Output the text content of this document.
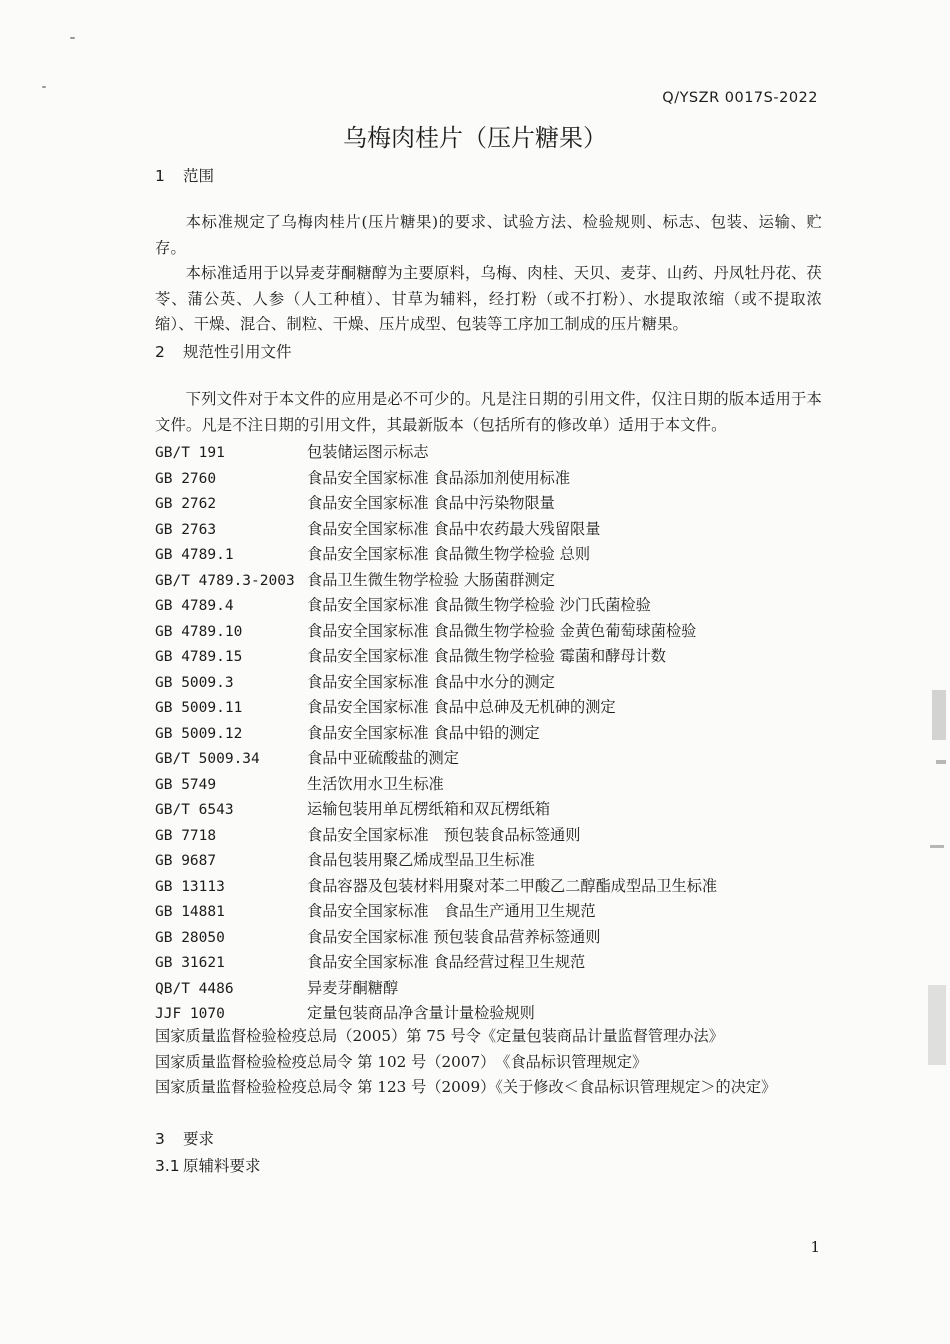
Q/YSZR 0017S-2022
乌梅肉桂片（压片糖果）
1 范围
本标准规定了乌梅肉桂片(压片糖果)的要求、试验方法、检验规则、标志、包装、运输、贮存。
本标准适用于以异麦芽酮糖醇为主要原料，乌梅、肉桂、天贝、麦芽、山药、丹凤牡丹花、茯苓、蒲公英、人参（人工种植）、甘草为辅料，经打粉（或不打粉）、水提取浓缩（或不提取浓缩）、干燥、混合、制粒、干燥、压片成型、包装等工序加工制成的压片糖果。
2 规范性引用文件
下列文件对于本文件的应用是必不可少的。凡是注日期的引用文件，仅注日期的版本适用于本文件。凡是不注日期的引用文件，其最新版本（包括所有的修改单）适用于本文件。
GB/T 191	包装储运图示标志
GB 2760	食品安全国家标准 食品添加剂使用标准
GB 2762	食品安全国家标准 食品中污染物限量
GB 2763	食品安全国家标准 食品中农药最大残留限量
GB 4789.1	食品安全国家标准 食品微生物学检验 总则
GB/T 4789.3-2003 食品卫生微生物学检验 大肠菌群测定
GB 4789.4	食品安全国家标准 食品微生物学检验 沙门氏菌检验
GB 4789.10	食品安全国家标准 食品微生物学检验 金黄色葡萄球菌检验
GB 4789.15	食品安全国家标准 食品微生物学检验 霉菌和酵母计数
GB 5009.3	食品安全国家标准 食品中水分的测定
GB 5009.11	食品安全国家标准 食品中总砷及无机砷的测定
GB 5009.12	食品安全国家标准 食品中铅的测定
GB/T 5009.34	食品中亚硫酸盐的测定
GB 5749	生活饮用水卫生标准
GB/T 6543	运输包装用单瓦楞纸箱和双瓦楞纸箱
GB 7718	食品安全国家标准　预包装食品标签通则
GB 9687	食品包装用聚乙烯成型品卫生标准
GB 13113	食品容器及包装材料用聚对苯二甲酸乙二醇酯成型品卫生标准
GB 14881	食品安全国家标准　食品生产通用卫生规范
GB 28050	食品安全国家标准 预包装食品营养标签通则
GB 31621	食品安全国家标准 食品经营过程卫生规范
QB/T 4486	异麦芽酮糖醇
JJF 1070	定量包装商品净含量计量检验规则
国家质量监督检验检疫总局（2005）第 75 号令《定量包装商品计量监督管理办法》
国家质量监督检验检疫总局令 第 102 号（2007）　《食品标识管理规定》
国家质量监督检验检疫总局令 第 123 号（2009）《关于修改＜食品标识管理规定＞的决定》
3 要求
3.1 原辅料要求
1
